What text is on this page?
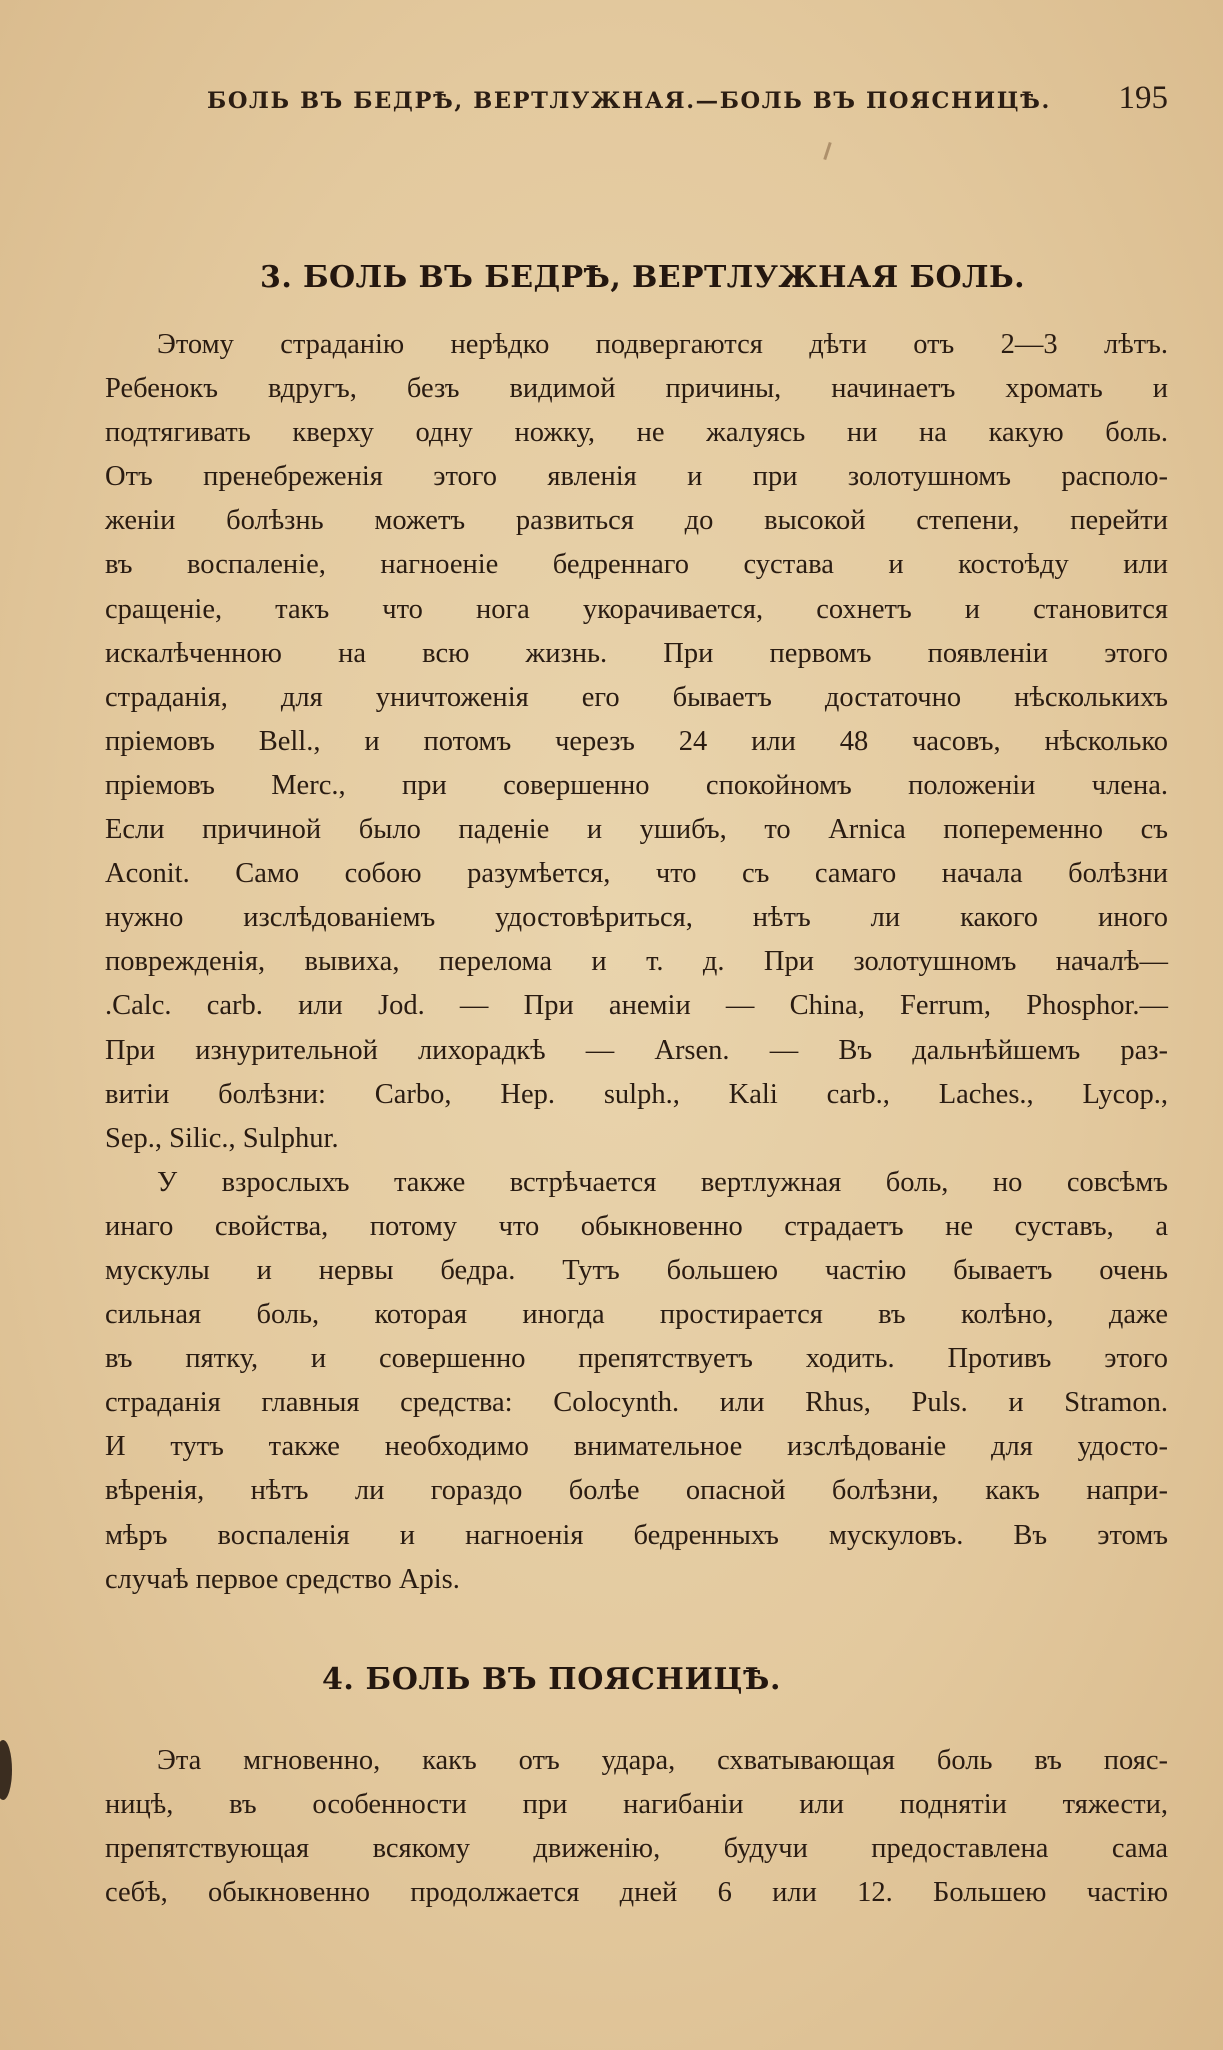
БОЛЬ ВЪ БЕДРѢ, ВЕРТЛУЖНАЯ.—БОЛЬ ВЪ ПОЯСНИЦѢ. 195
3. БОЛЬ ВЪ БЕДРѢ, ВЕРТЛУЖНАЯ БОЛЬ.
Этому страданію нерѣдко подвергаются дѣти отъ 2—3 лѣтъ.
Ребенокъ вдругъ, безъ видимой причины, начинаетъ хромать и
подтягивать кверху одну ножку, не жалуясь ни на какую боль.
Отъ пренебреженія этого явленія и при золотушномъ располо-
женіи болѣзнь можетъ развиться до высокой степени, перейти
въ воспаленіе, нагноеніе бедреннаго сустава и костоѣду или
сращеніе, такъ что нога укорачивается, сохнетъ и становится
искалѣченною на всю жизнь. При первомъ появленіи этого
страданія, для уничтоженія его бываетъ достаточно нѣсколькихъ
пріемовъ Bell., и потомъ черезъ 24 или 48 часовъ, нѣсколько
пріемовъ Merc., при совершенно спокойномъ положеніи члена.
Если причиной было паденіе и ушибъ, то Arnica попеременно съ
Aconit. Само собою разумѣется, что съ самаго начала болѣзни
нужно изслѣдованіемъ удостовѣриться, нѣтъ ли какого иного
поврежденія, вывиха, перелома и т. д. При золотушномъ началѣ—
.Calc. carb. или Jod. — При анеміи — China, Ferrum, Phosphor.—
При изнурительной лихорадкѣ — Arsen. — Въ дальнѣйшемъ раз-
витіи болѣзни: Carbo, Hep. sulph., Kali carb., Laches., Lycop.,
Sep., Silic., Sulphur.
У взрослыхъ также встрѣчается вертлужная боль, но совсѣмъ
инаго свойства, потому что обыкновенно страдаетъ не суставъ, а
мускулы и нервы бедра. Тутъ большею частію бываетъ очень
сильная боль, которая иногда простирается въ колѣно, даже
въ пятку, и совершенно препятствуетъ ходить. Противъ этого
страданія главныя средства: Colocynth. или Rhus, Puls. и Stramon.
И тутъ также необходимо внимательное изслѣдованіе для удосто-
вѣренія, нѣтъ ли гораздо болѣе опасной болѣзни, какъ напри-
мѣръ воспаленія и нагноенія бедренныхъ мускуловъ. Въ этомъ
случаѣ первое средство Apis.
4. БОЛЬ ВЪ ПОЯСНИЦѢ.
Эта мгновенно, какъ отъ удара, схватывающая боль въ пояс-
ницѣ, въ особенности при нагибаніи или поднятіи тяжести,
препятствующая всякому движенію, будучи предоставлена сама
себѣ, обыкновенно продолжается дней 6 или 12. Большею частію
